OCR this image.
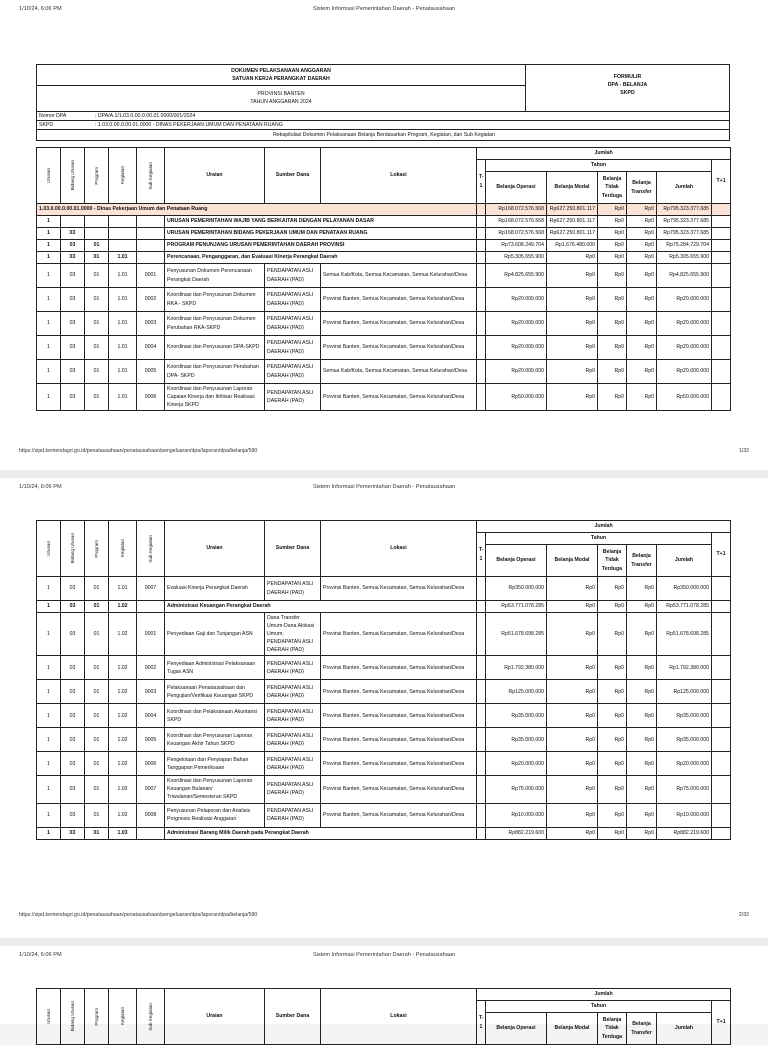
1/10/24, 6:06 PM	Sistem Informasi Pemerintahan Daerah - Penatausahaan
DOKUMEN PELAKSANAAN ANGGARAN
SATUAN KERJA PERANGKAT DAERAH
PROVINSI BANTEN
TAHUN ANGGARAN 2024
FORMULIR
DPA - BELANJA
SKPD
Nomor DPA	: DPA/A.1/1.03.0.00.0.00.01.0000/001/2024
SKPD	: 1.03.0.00.0.00.01.0000 - DINAS PEKERJAAN UMUM DAN PENATAAN RUANG
Rekapitulasi Dokumen Pelaksanaan Belanja Berdasarkan Program, Kegiatan, dan Sub Kegiatan
Urusan	Bidang Urusan	Program	Kegiatan	Sub Kegiatan	Uraian	Sumber Dana	Lokasi	Jumlah						
								T-1	Tahun					T+1
									Belanja Operasi	Belanja Modal	Belanja Tidak Terduga	Belanja Transfer	Jumlah	
1.03.0.00.0.00.01.0000 - Dinas Pekerjaan Umum dan Penataan Ruang									Rp168.072.576.568	Rp627.250.801.117	Rp0	Rp0	Rp795.323.377.685	
1					URUSAN PEMERINTAHAN WAJIB YANG BERKAITAN DENGAN PELAYANAN DASAR				Rp168.072.576.568	Rp627.250.801.117	Rp0	Rp0	Rp795.323.377.685	
1	03				URUSAN PEMERINTAHAN BIDANG PEKERJAAN UMUM DAN PENATAAN RUANG				Rp168.072.576.568	Rp627.250.801.117	Rp0	Rp0	Rp795.323.377.685	
1	03	01			PROGRAM PENUNJANG URUSAN PEMERINTAHAN DAERAH PROVINSI				Rp73.608.249.704	Rp1.676.480.000	Rp0	Rp0	Rp75.284.729.704	
1	03	01	1.01		Perencanaan, Penganggaran, dan Evaluasi Kinerja Perangkat Daerah				Rp5.305.655.900	Rp0	Rp0	Rp0	Rp5.305.655.900	
1	03	01	1.01	0001	Penyusunan Dokumen Perencanaan Perangkat Daerah	PENDAPATAN ASLI DAERAH (PAD)	Semua Kab/Kota, Semua Kecamatan, Semua Kelurahan/Desa		Rp4.825.655.900	Rp0	Rp0	Rp0	Rp4.825.655.900	
1	03	01	1.01	0002	Koordinasi dan Penyusunan Dokumen RKA - SKPD	PENDAPATAN ASLI DAERAH (PAD)	Provinsi Banten, Semua Kecamatan, Semua Kelurahan/Desa		Rp20.000.000	Rp0	Rp0	Rp0	Rp20.000.000	
1	03	01	1.01	0003	Koordinasi dan Penyusunan Dokumen Perubahan RKA-SKPD	PENDAPATAN ASLI DAERAH (PAD)	Provinsi Banten, Semua Kecamatan, Semua Kelurahan/Desa		Rp20.000.000	Rp0	Rp0	Rp0	Rp20.000.000	
1	03	01	1.01	0004	Koordinasi dan Penyusunan DPA-SKPD	PENDAPATAN ASLI DAERAH (PAD)	Provinsi Banten, Semua Kecamatan, Semua Kelurahan/Desa		Rp20.000.000	Rp0	Rp0	Rp0	Rp20.000.000	
1	03	01	1.01	0005	Koordinasi dan Penyusunan Perubahan DPA- SKPD	PENDAPATAN ASLI DAERAH (PAD)	Semua Kab/Kota, Semua Kecamatan, Semua Kelurahan/Desa		Rp20.000.000	Rp0	Rp0	Rp0	Rp20.000.000	
1	03	01	1.01	0006	Koordinasi dan Penyusunan Laporan Capaian Kinerja dan Ikhtisar Realisasi Kinerja SKPD	PENDAPATAN ASLI DAERAH (PAD)	Provinsi Banten, Semua Kecamatan, Semua Kelurahan/Desa		Rp50.000.000	Rp0	Rp0	Rp0	Rp50.000.000	
https://sipd.kemendagri.go.id/penatausahaan/penatausahaan/pengeluaran/dpa/laporan/dpa/belanja/590	1/32
1/10/24, 6:06 PM	Sistem Informasi Pemerintahan Daerah - Penatausahaan
Urusan	Bidang Urusan	Program	Kegiatan	Sub Kegiatan	Uraian	Sumber Dana	Lokasi	Jumlah						
								T-1	Tahun					T+1
									Belanja Operasi	Belanja Modal	Belanja Tidak Terduga	Belanja Transfer	Jumlah	
1	03	01	1.01	0007	Evaluasi Kinerja Perangkat Daerah	PENDAPATAN ASLI DAERAH (PAD)	Provinsi Banten, Semua Kecamatan, Semua Kelurahan/Desa		Rp350.000.000	Rp0	Rp0	Rp0	Rp350.000.000	
1	03	01	1.02		Administrasi Keuangan Perangkat Daerah				Rp53.771.078.285	Rp0	Rp0	Rp0	Rp53.771.078.285	
1	03	01	1.02	0001	Penyediaan Gaji dan Tunjangan ASN	Dana Transfer Umum-Dana Alokasi Umum; PENDAPATAN ASLI DAERAH (PAD)	Provinsi Banten, Semua Kecamatan, Semua Kelurahan/Desa		Rp51.678.698.285	Rp0	Rp0	Rp0	Rp51.678.698.285	
1	03	01	1.02	0002	Penyediaan Administrasi Pelaksanaan Tugas ASN	PENDAPATAN ASLI DAERAH (PAD)	Provinsi Banten, Semua Kecamatan, Semua Kelurahan/Desa		Rp1.792.380.000	Rp0	Rp0	Rp0	Rp1.792.380.000	
1	03	01	1.02	0003	Pelaksanaan Penatausahaan dan Pengujian/Verifikasi Keuangan SKPD	PENDAPATAN ASLI DAERAH (PAD)	Provinsi Banten, Semua Kecamatan, Semua Kelurahan/Desa		Rp125.000.000	Rp0	Rp0	Rp0	Rp125.000.000	
1	03	01	1.02	0004	Koordinasi dan Pelaksanaan Akuntansi SKPD	PENDAPATAN ASLI DAERAH (PAD)	Provinsi Banten, Semua Kecamatan, Semua Kelurahan/Desa		Rp35.000.000	Rp0	Rp0	Rp0	Rp35.000.000	
1	03	01	1.02	0005	Koordinasi dan Penyusunan Laporan Keuangan Akhir Tahun SKPD	PENDAPATAN ASLI DAERAH (PAD)	Provinsi Banten, Semua Kecamatan, Semua Kelurahan/Desa		Rp35.000.000	Rp0	Rp0	Rp0	Rp35.000.000	
1	03	01	1.02	0006	Pengelolaan dan Penyiapan Bahan Tanggapan Pemeriksaan	PENDAPATAN ASLI DAERAH (PAD)	Provinsi Banten, Semua Kecamatan, Semua Kelurahan/Desa		Rp20.000.000	Rp0	Rp0	Rp0	Rp20.000.000	
1	03	01	1.02	0007	Koordinasi dan Penyusunan Laporan Keuangan Bulanan/ Triwulanan/Semesteran SKPD	PENDAPATAN ASLI DAERAH (PAD)	Provinsi Banten, Semua Kecamatan, Semua Kelurahan/Desa		Rp75.000.000	Rp0	Rp0	Rp0	Rp75.000.000	
1	03	01	1.02	0008	Penyusunan Pelaporan dan Analisis Prognosis Realisasi Anggaran	PENDAPATAN ASLI DAERAH (PAD)	Provinsi Banten, Semua Kecamatan, Semua Kelurahan/Desa		Rp10.000.000	Rp0	Rp0	Rp0	Rp10.000.000	
1	03	01	1.03		Administrasi Barang Milik Daerah pada Perangkat Daerah				Rp882.219.600	Rp0	Rp0	Rp0	Rp882.219.600	
https://sipd.kemendagri.go.id/penatausahaan/penatausahaan/pengeluaran/dpa/laporan/dpa/belanja/590	2/32
1/10/24, 6:06 PM	Sistem Informasi Pemerintahan Daerah - Penatausahaan
Urusan	Bidang Urusan	Program	Kegiatan	Sub Kegiatan	Uraian	Sumber Dana	Lokasi	Jumlah						
								T-1	Tahun					T+1
									Belanja Operasi	Belanja Modal	Belanja Tidak Terduga	Belanja Transfer	Jumlah	
